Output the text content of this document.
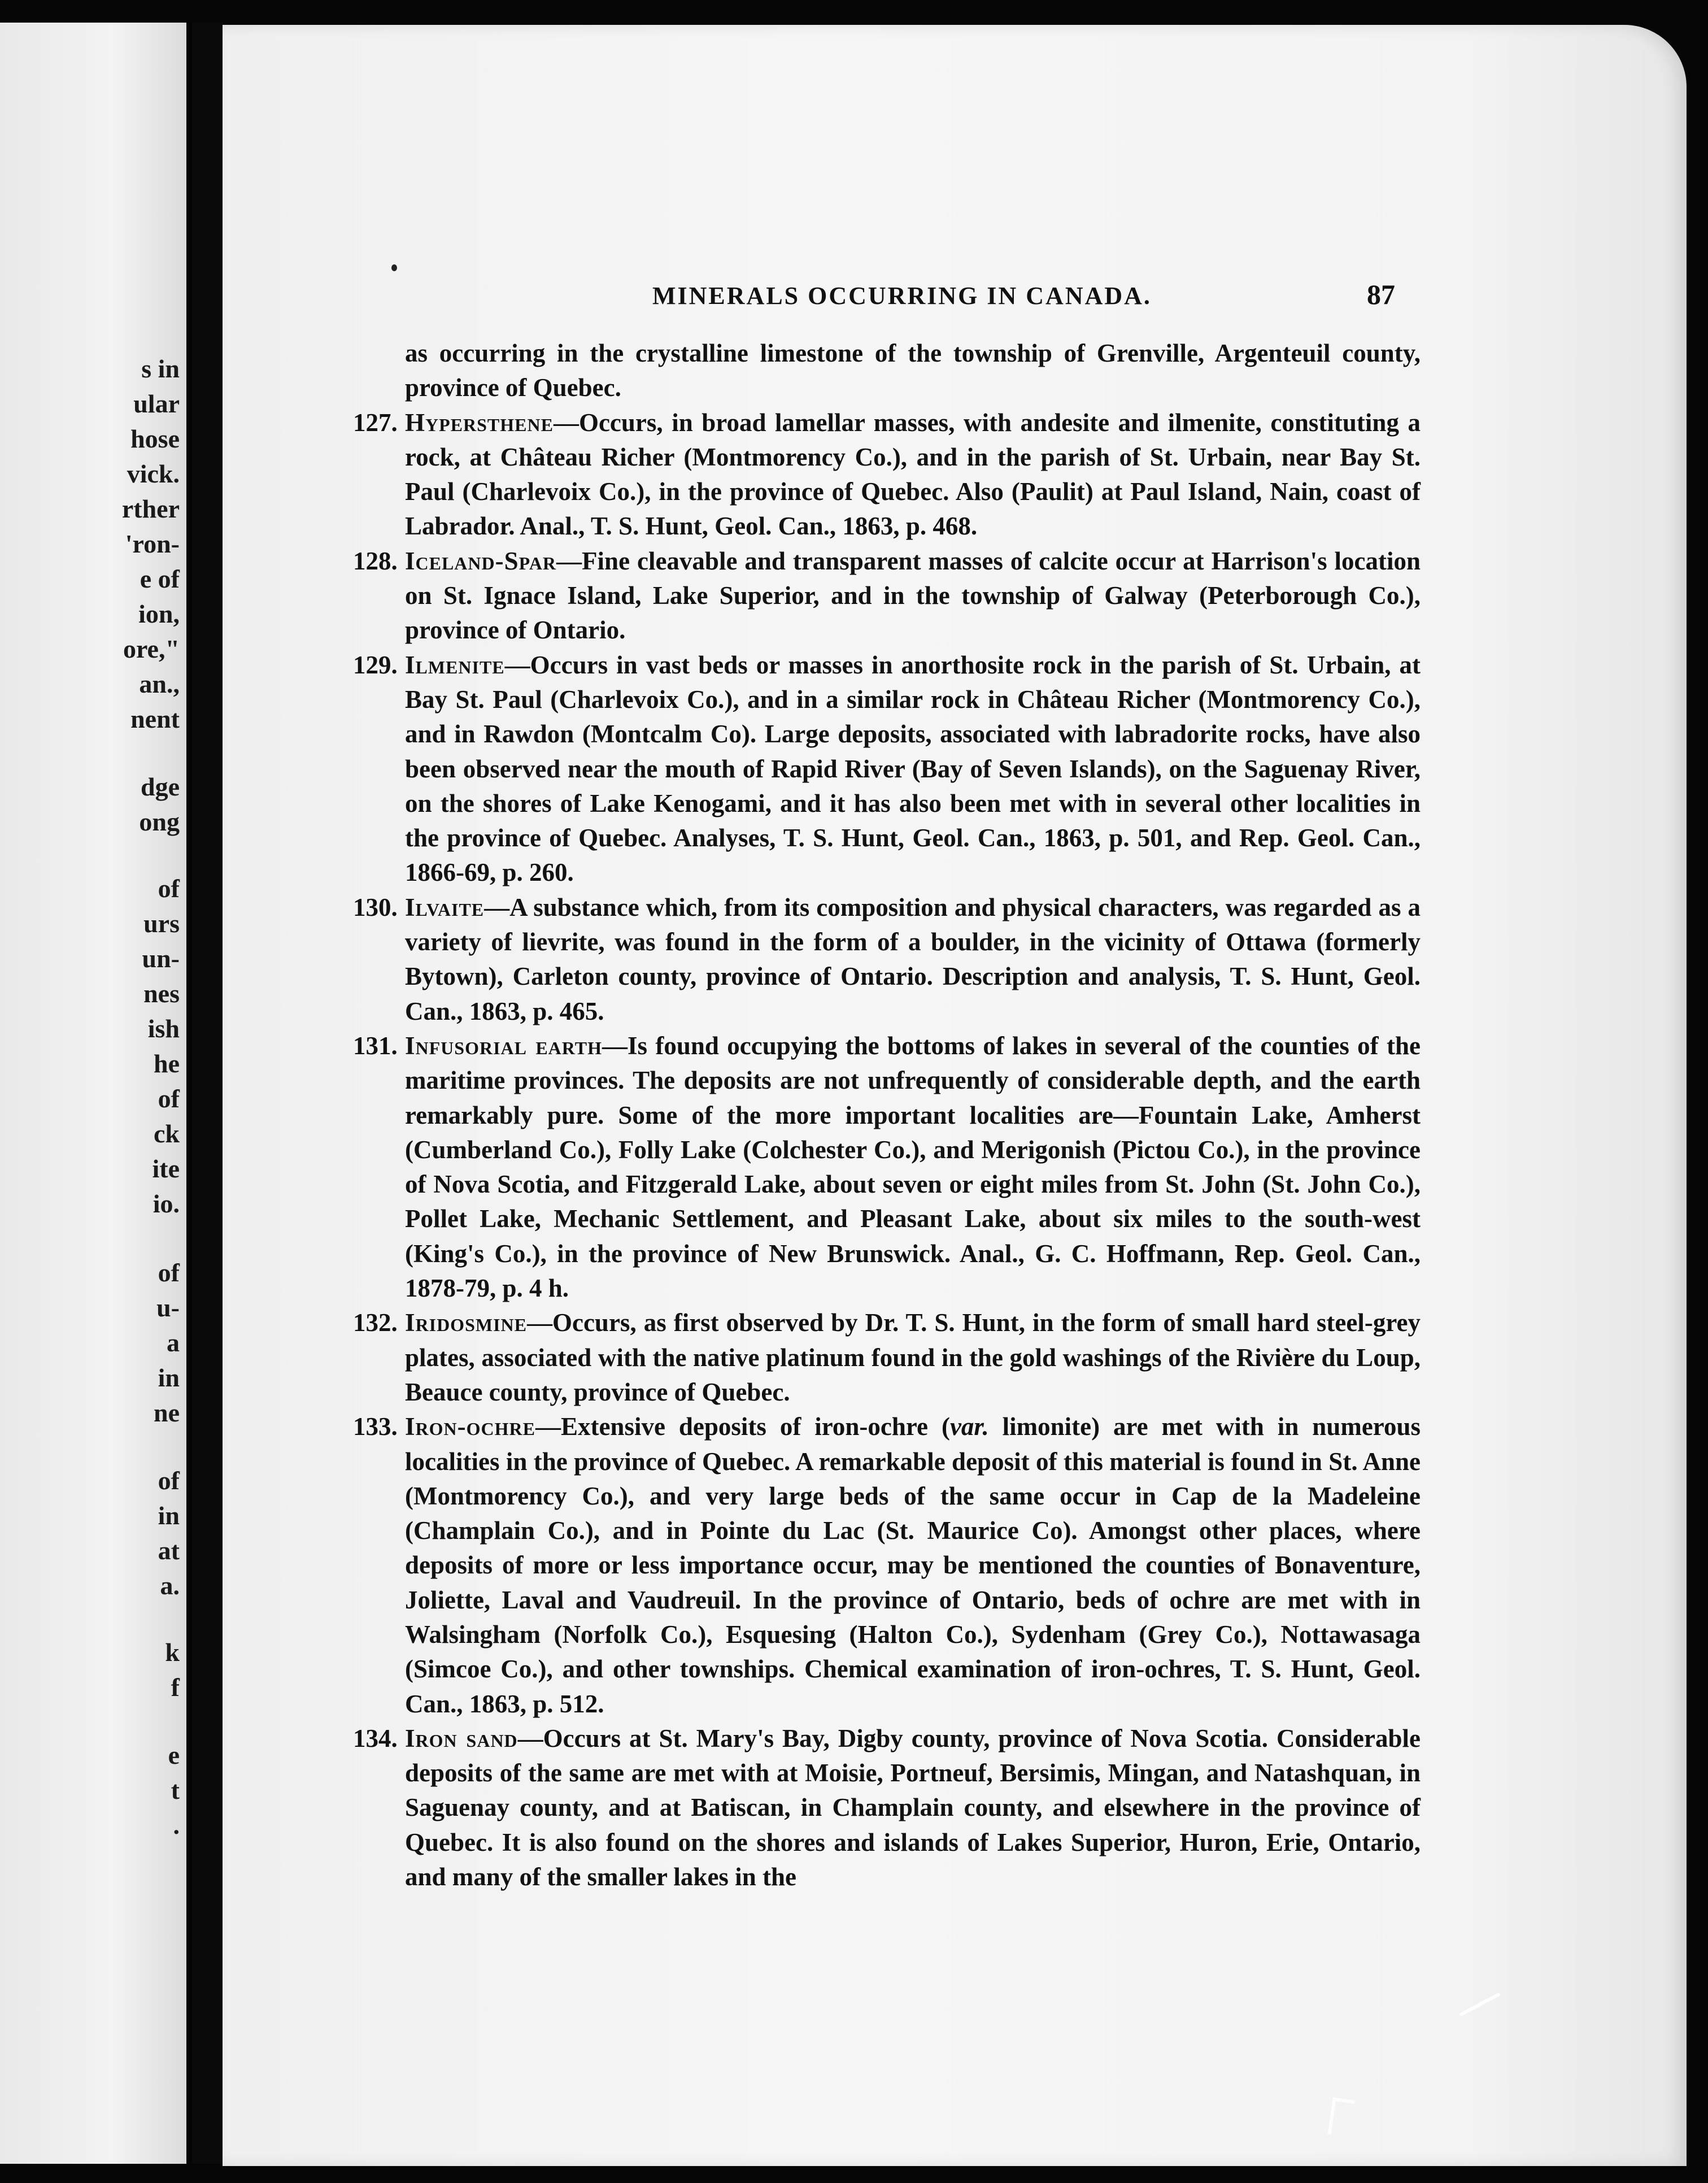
s in
ular
hose
vick.
rther
'ron-
e of
ion,
ore,"
an.,
nent
dge
ong
of
urs
un-
nes
ish
he
of
ck
ite
io.
of
u-
a
in
ne
of
in
at
a.
k
f
e
t
.
MINERALS OCCURRING IN CANADA.	87

as occurring in the crystalline limestone of the township of Grenville, Argenteuil county, province of Quebec.

127. Hypersthene—Occurs, in broad lamellar masses, with andesite and ilmenite, constituting a rock, at Château Richer (Montmorency Co.), and in the parish of St. Urbain, near Bay St. Paul (Charlevoix Co.), in the province of Quebec. Also (Paulit) at Paul Island, Nain, coast of Labrador. Anal., T. S. Hunt, Geol. Can., 1863, p. 468.

128. Iceland-Spar—Fine cleavable and transparent masses of calcite occur at Harrison's location on St. Ignace Island, Lake Superior, and in the township of Galway (Peterborough Co.), province of Ontario.

129. Ilmenite—Occurs in vast beds or masses in anorthosite rock in the parish of St. Urbain, at Bay St. Paul (Charlevoix Co.), and in a similar rock in Château Richer (Montmorency Co.), and in Rawdon (Montcalm Co). Large deposits, associated with labradorite rocks, have also been observed near the mouth of Rapid River (Bay of Seven Islands), on the Saguenay River, on the shores of Lake Kenogami, and it has also been met with in several other localities in the province of Quebec. Analyses, T. S. Hunt, Geol. Can., 1863, p. 501, and Rep. Geol. Can., 1866-69, p. 260.

130. Ilvaite—A substance which, from its composition and physical characters, was regarded as a variety of lievrite, was found in the form of a boulder, in the vicinity of Ottawa (formerly Bytown), Carleton county, province of Ontario. Description and analysis, T. S. Hunt, Geol. Can., 1863, p. 465.

131. Infusorial earth—Is found occupying the bottoms of lakes in several of the counties of the maritime provinces. The deposits are not unfrequently of considerable depth, and the earth remarkably pure. Some of the more important localities are—Fountain Lake, Amherst (Cumberland Co.), Folly Lake (Colchester Co.), and Merigonish (Pictou Co.), in the province of Nova Scotia, and Fitzgerald Lake, about seven or eight miles from St. John (St. John Co.), Pollet Lake, Mechanic Settlement, and Pleasant Lake, about six miles to the south-west (King's Co.), in the province of New Brunswick. Anal., G. C. Hoffmann, Rep. Geol. Can., 1878-79, p. 4 h.

132. Iridosmine—Occurs, as first observed by Dr. T. S. Hunt, in the form of small hard steel-grey plates, associated with the native platinum found in the gold washings of the Rivière du Loup, Beauce county, province of Quebec.

133. Iron-ochre—Extensive deposits of iron-ochre (var. limonite) are met with in numerous localities in the province of Quebec. A remarkable deposit of this material is found in St. Anne (Montmorency Co.), and very large beds of the same occur in Cap de la Madeleine (Champlain Co.), and in Pointe du Lac (St. Maurice Co). Amongst other places, where deposits of more or less importance occur, may be mentioned the counties of Bonaventure, Joliette, Laval and Vaudreuil. In the province of Ontario, beds of ochre are met with in Walsingham (Norfolk Co.), Esquesing (Halton Co.), Sydenham (Grey Co.), Nottawasaga (Simcoe Co.), and other townships. Chemical examination of iron-ochres, T. S. Hunt, Geol. Can., 1863, p. 512.

134. Iron sand—Occurs at St. Mary's Bay, Digby county, province of Nova Scotia. Considerable deposits of the same are met with at Moisie, Portneuf, Bersimis, Mingan, and Natashquan, in Saguenay county, and at Batiscan, in Champlain county, and elsewhere in the province of Quebec. It is also found on the shores and islands of Lakes Superior, Huron, Erie, Ontario, and many of the smaller lakes in the
